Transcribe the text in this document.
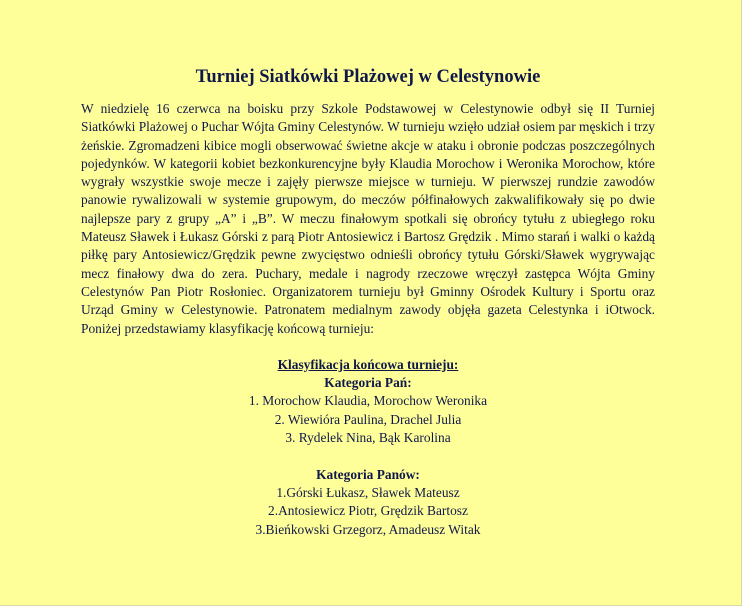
Turniej Siatkówki Plażowej w Celestynowie

W niedzielę 16 czerwca na boisku przy Szkole Podstawowej w Celestynowie odbył się II Turniej Siatkówki Plażowej o Puchar Wójta Gminy Celestynów. W turnieju wzięło udział osiem par męskich i trzy żeńskie. Zgromadzeni kibice mogli obserwować świetne akcje w ataku i obronie podczas poszczególnych pojedynków. W kategorii kobiet bezkonkurencyjne były Klaudia Morochow i Weronika Morochow, które wygrały wszystkie swoje mecze i zajęły pierwsze miejsce w turnieju. W pierwszej rundzie zawodów panowie rywalizowali w systemie grupowym, do meczów półfinałowych zakwalifikowały się po dwie najlepsze pary z grupy „A” i „B”. W meczu finałowym spotkali się obrońcy tytułu z ubiegłego roku Mateusz Sławek i Łukasz Górski z parą Piotr Antosiewicz i Bartosz Grędzik . Mimo starań i walki o każdą piłkę pary Antosiewicz/Grędzik pewne zwycięstwo odnieśli obrońcy tytułu Górski/Sławek wygrywając mecz finałowy dwa do zera. Puchary, medale i nagrody rzeczowe wręczył zastępca Wójta Gminy Celestynów Pan Piotr Rosłoniec. Organizatorem turnieju był Gminny Ośrodek Kultury i Sportu oraz Urząd Gminy w Celestynowie. Patronatem medialnym zawody objęła gazeta Celestynka i iOtwock. Poniżej przedstawiamy klasyfikację końcową turnieju:

Klasyfikacja końcowa turnieju:
Kategoria Pań:
1. Morochow Klaudia, Morochow Weronika
2. Wiewióra Paulina, Drachel Julia
3. Rydelek Nina, Bąk Karolina
Kategoria Panów:
1.Górski Łukasz, Sławek Mateusz
2.Antosiewicz Piotr, Grędzik Bartosz
3.Bieńkowski Grzegorz, Amadeusz Witak
